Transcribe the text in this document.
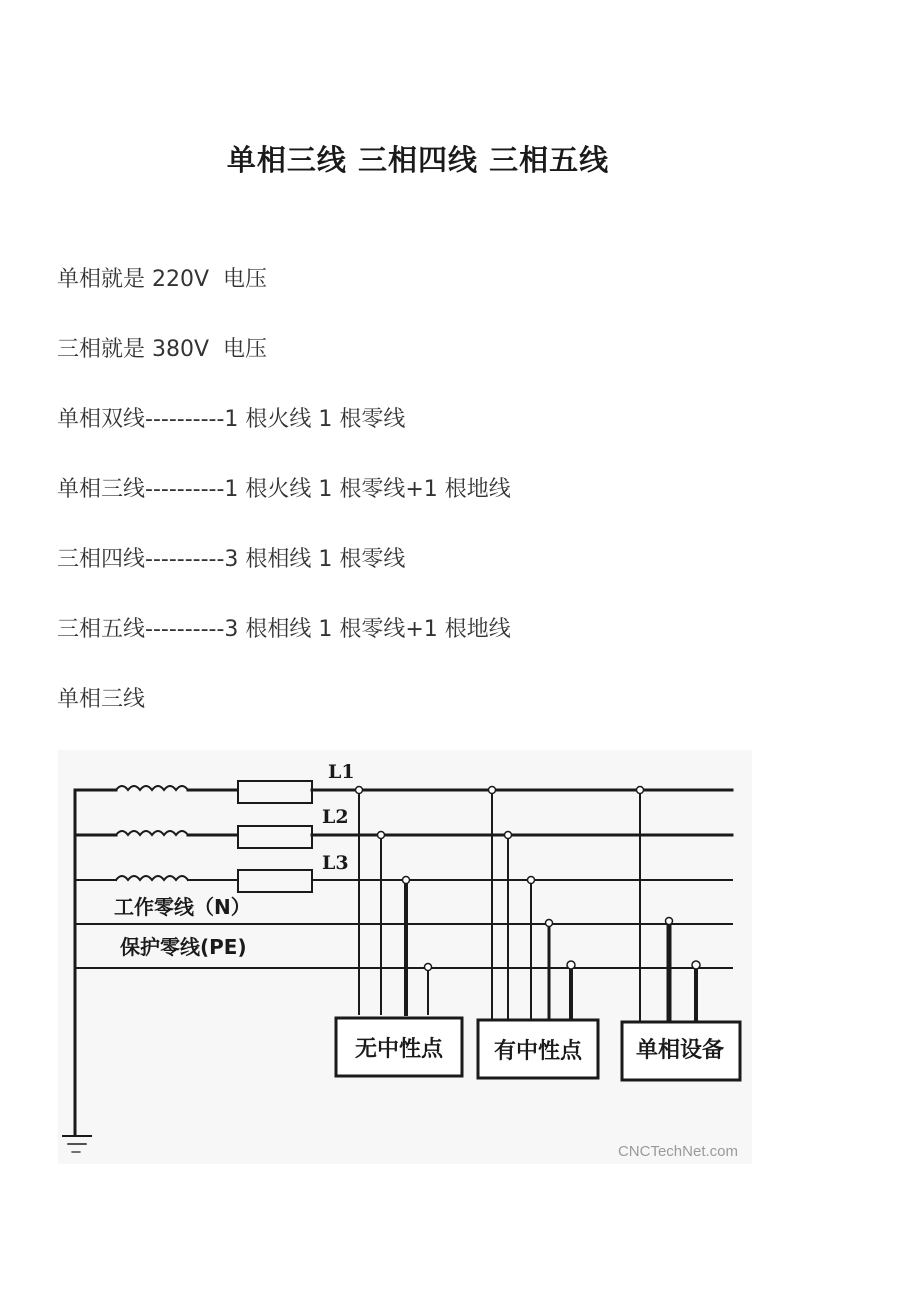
单相三线 三相四线 三相五线

单相就是 220V  电压

三相就是 380V  电压

单相双线----------1 根火线 1 根零线

单相三线----------1 根火线 1 根零线+1 根地线

三相四线----------3 根相线 1 根零线

三相五线----------3 根相线 1 根零线+1 根地线

单相三线

L1
L2
L3
工作零线（N）
保护零线(PE)
无中性点 有中性点 单相设备
CNCTechNet.com
